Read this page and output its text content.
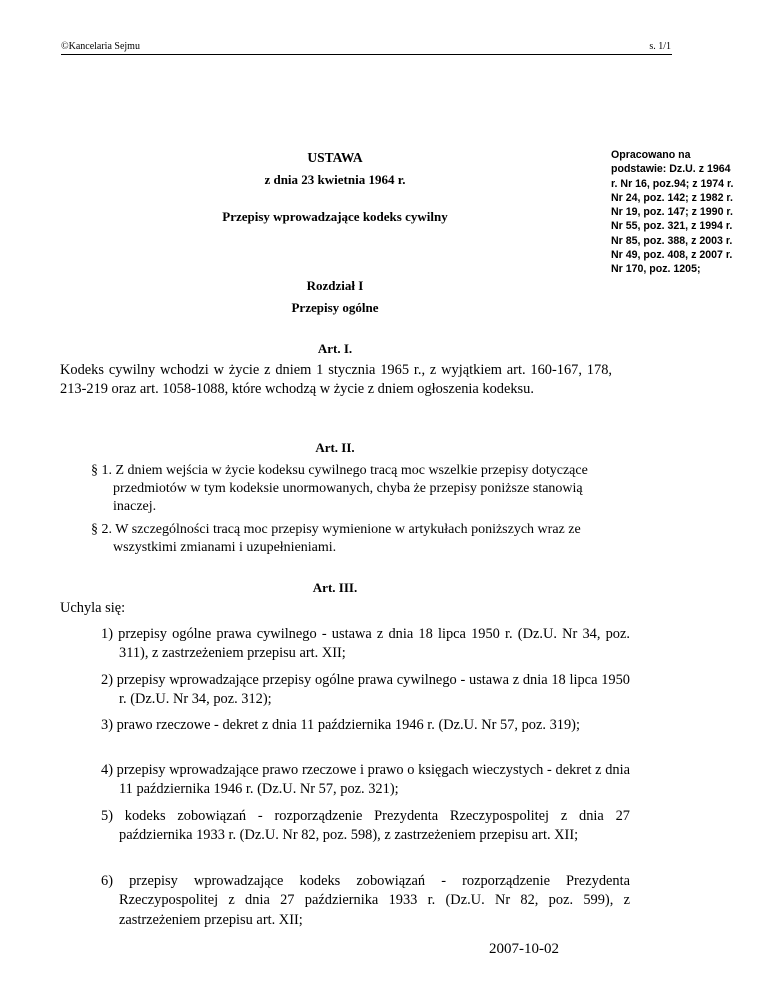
©Kancelaria Sejmu	s. 1/1
USTAWA
z dnia 23 kwietnia 1964 r.
Przepisy wprowadzające kodeks cywilny
Rozdział I
Przepisy ogólne
Opracowano na podstawie: Dz.U. z 1964 r. Nr 16, poz.94; z 1974 r. Nr 24, poz. 142; z 1982 r. Nr 19, poz. 147; z 1990 r. Nr 55, poz. 321, z 1994 r. Nr 85, poz. 388, z 2003 r. Nr 49, poz. 408, z 2007 r. Nr 170, poz. 1205;
Art. I.
Kodeks cywilny wchodzi w życie z dniem 1 stycznia 1965 r., z wyjątkiem art. 160-167, 178, 213-219 oraz art. 1058-1088, które wchodzą w życie z dniem ogłoszenia kodeksu.
Art. II.
§ 1. Z dniem wejścia w życie kodeksu cywilnego tracą moc wszelkie przepisy dotyczące przedmiotów w tym kodeksie unormowanych, chyba że przepisy poniższe stanowią inaczej.
§ 2. W szczególności tracą moc przepisy wymienione w artykułach poniższych wraz ze wszystkimi zmianami i uzupełnieniami.
Art. III.
Uchyla się:
1) przepisy ogólne prawa cywilnego - ustawa z dnia 18 lipca 1950 r. (Dz.U. Nr 34, poz. 311), z zastrzeżeniem przepisu art. XII;
2) przepisy wprowadzające przepisy ogólne prawa cywilnego - ustawa z dnia 18 lipca 1950 r. (Dz.U. Nr 34, poz. 312);
3) prawo rzeczowe - dekret z dnia 11 października 1946 r. (Dz.U. Nr 57, poz. 319);
4) przepisy wprowadzające prawo rzeczowe i prawo o księgach wieczystych - dekret z dnia 11 października 1946 r. (Dz.U. Nr 57, poz. 321);
5) kodeks zobowiązań - rozporządzenie Prezydenta Rzeczypospolitej z dnia 27 października 1933 r. (Dz.U. Nr 82, poz. 598), z zastrzeżeniem przepisu art. XII;
6) przepisy wprowadzające kodeks zobowiązań - rozporządzenie Prezydenta Rzeczypospolitej z dnia 27 października 1933 r. (Dz.U. Nr 82, poz. 599), z zastrzeżeniem przepisu art. XII;
2007-10-02
